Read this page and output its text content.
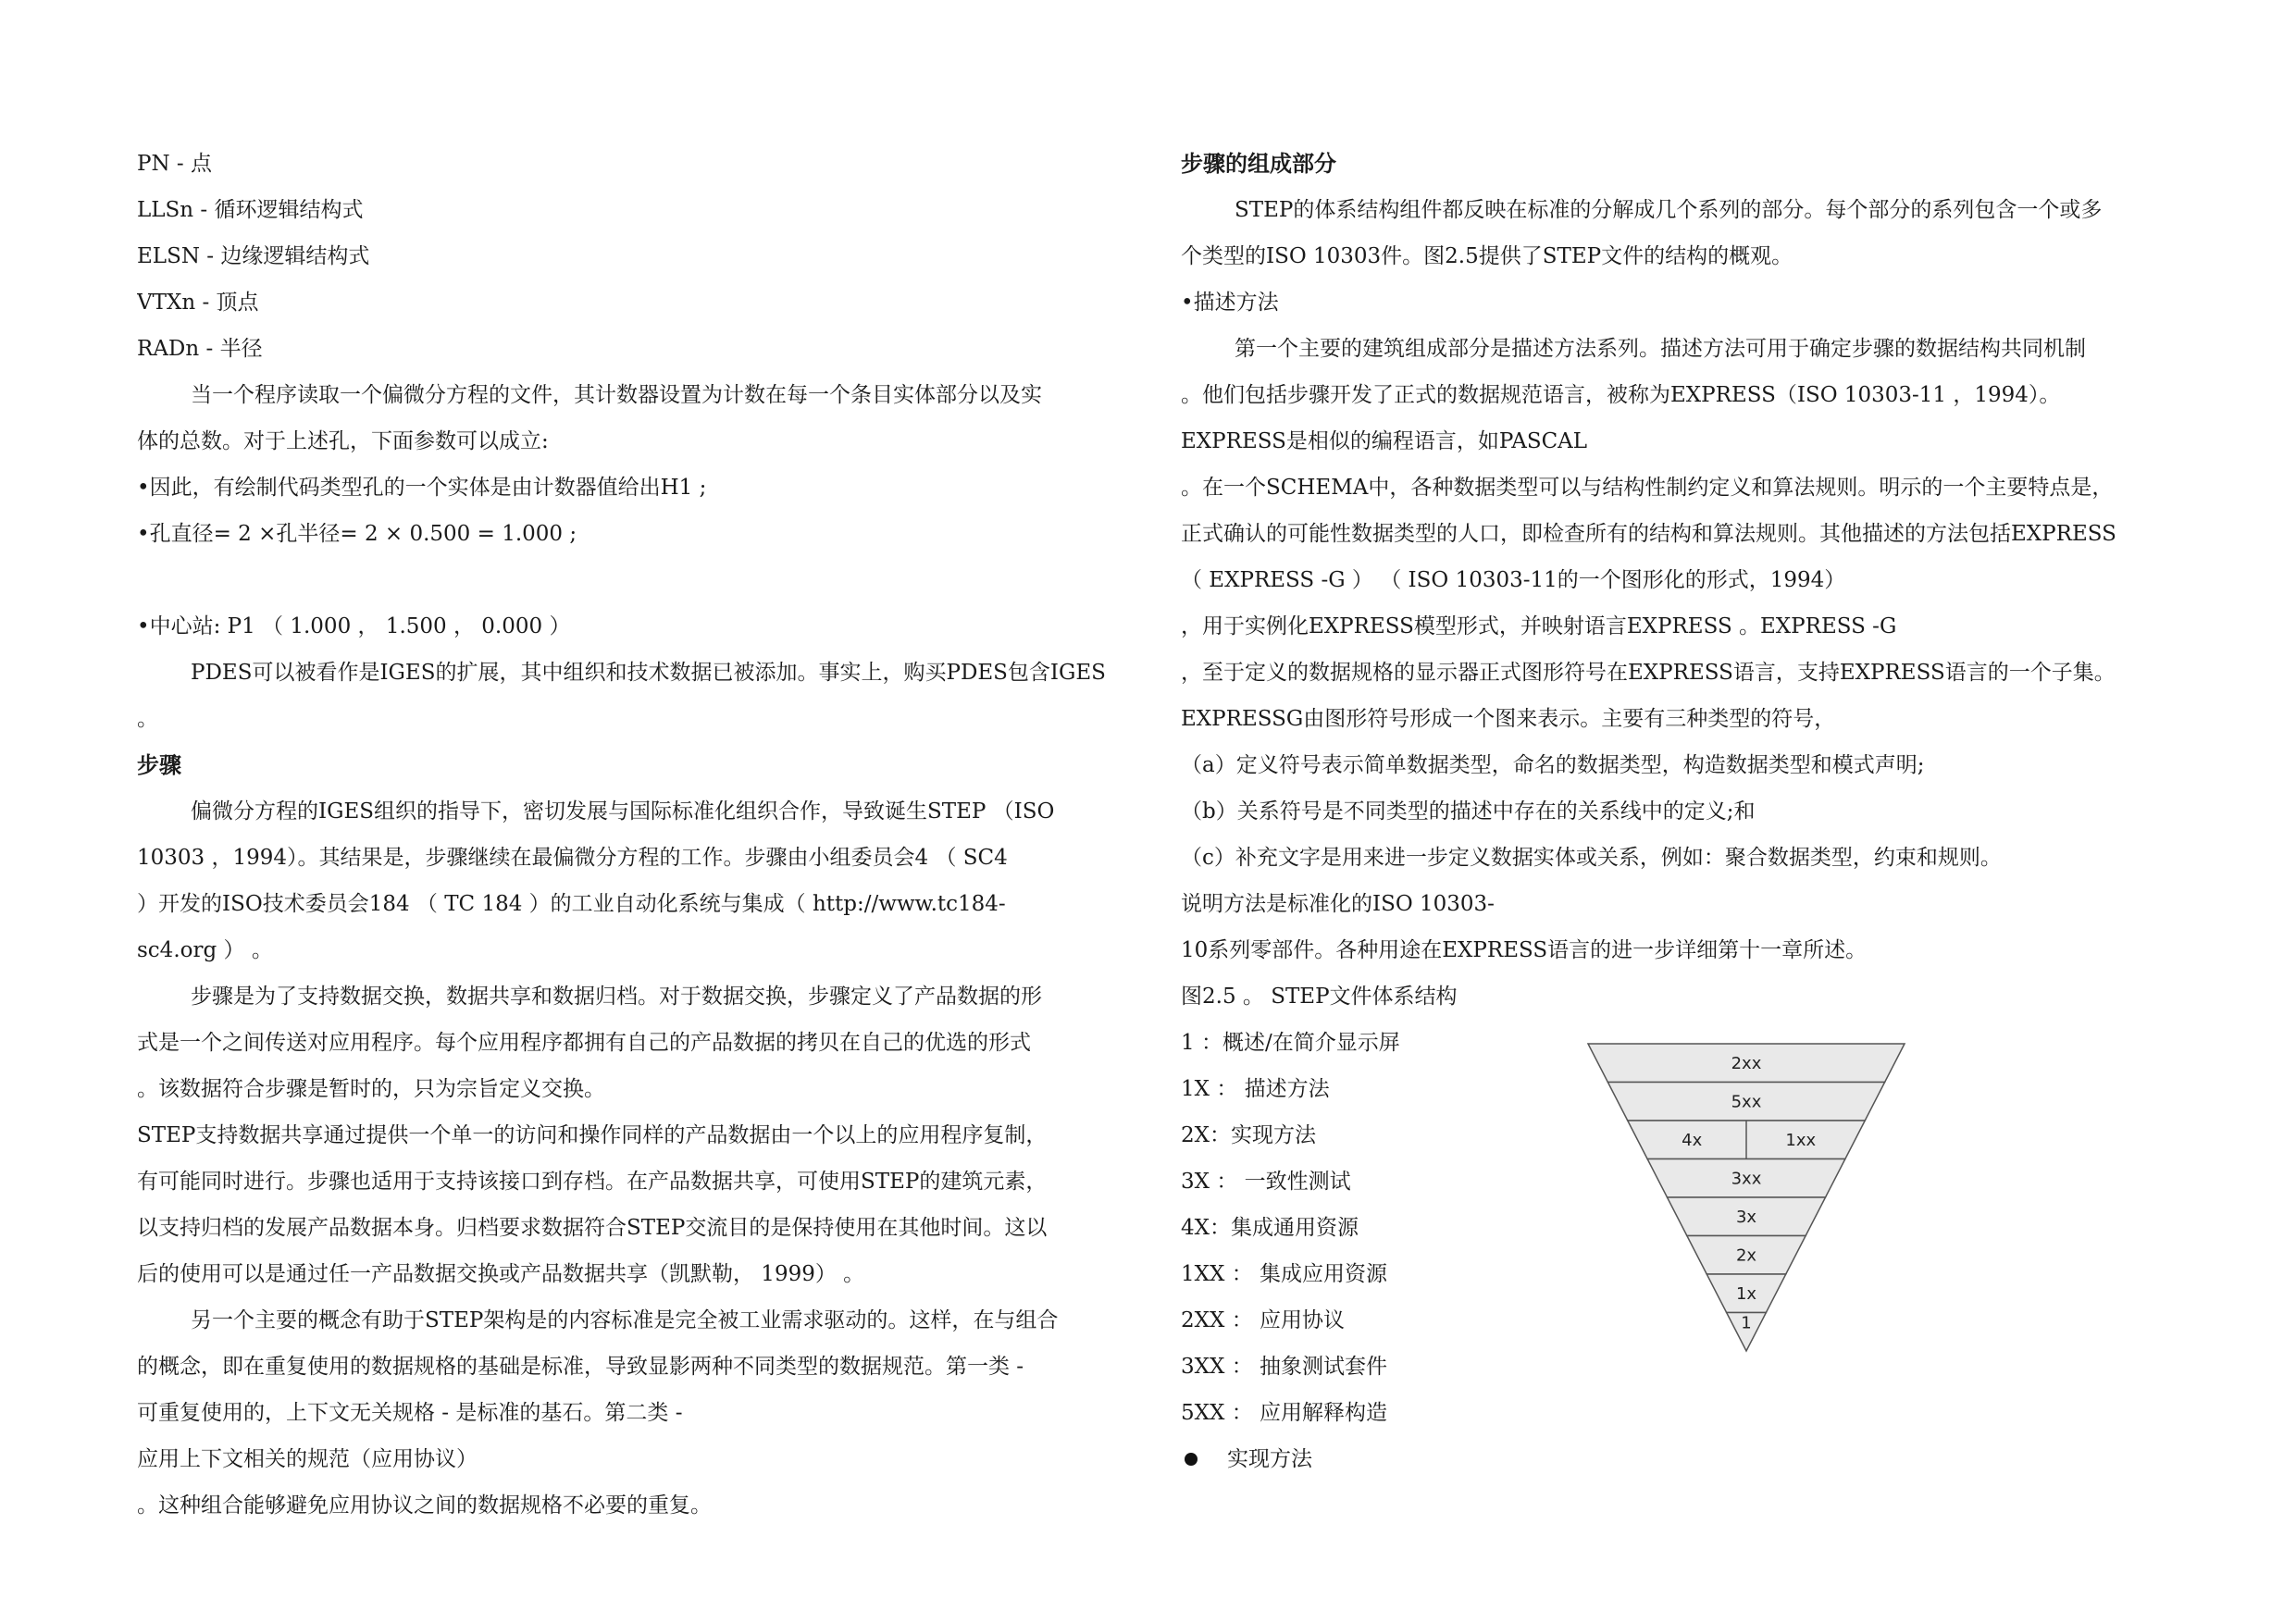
PN - 点
LLSn - 循环逻辑结构式
ELSN - 边缘逻辑结构式
VTXn - 顶点
RADn - 半径
当一个程序读取一个偏微分方程的文件，其计数器设置为计数在每一个条目实体部分以及实
体的总数。对于上述孔，下面参数可以成立:
•因此，有绘制代码类型孔的一个实体是由计数器值给出H1 ;
•孔直径= 2 ×孔半径= 2 × 0.500 = 1.000 ;
•中心站: P1 （ 1.000 ， 1.500 ， 0.000 ）
PDES可以被看作是IGES的扩展，其中组织和技术数据已被添加。事实上，购买PDES包含IGES
。
步骤
偏微分方程的IGES组织的指导下，密切发展与国际标准化组织合作，导致诞生STEP （ISO
10303 ，1994）。其结果是，步骤继续在最偏微分方程的工作。步骤由小组委员会4 （ SC4
）开发的ISO技术委员会184 （ TC 184 ）的工业自动化系统与集成（ http://www.tc184-
sc4.org ） 。
步骤是为了支持数据交换，数据共享和数据归档。对于数据交换，步骤定义了产品数据的形
式是一个之间传送对应用程序。每个应用程序都拥有自己的产品数据的拷贝在自己的优选的形式
。该数据符合步骤是暂时的，只为宗旨定义交换。
STEP支持数据共享通过提供一个单一的访问和操作同样的产品数据由一个以上的应用程序复制，
有可能同时进行。步骤也适用于支持该接口到存档。在产品数据共享，可使用STEP的建筑元素，
以支持归档的发展产品数据本身。归档要求数据符合STEP交流目的是保持使用在其他时间。这以
后的使用可以是通过任一产品数据交换或产品数据共享（凯默勒， 1999） 。
另一个主要的概念有助于STEP架构是的内容标准是完全被工业需求驱动的。这样，在与组合
的概念，即在重复使用的数据规格的基础是标准，导致显影两种不同类型的数据规范。第一类 -
可重复使用的，上下文无关规格 - 是标准的基石。第二类 -
应用上下文相关的规范（应用协议）
。这种组合能够避免应用协议之间的数据规格不必要的重复。
步骤的组成部分
STEP的体系结构组件都反映在标准的分解成几个系列的部分。每个部分的系列包含一个或多
个类型的ISO 10303件。图2.5提供了STEP文件的结构的概观。
•描述方法
第一个主要的建筑组成部分是描述方法系列。描述方法可用于确定步骤的数据结构共同机制
。他们包括步骤开发了正式的数据规范语言，被称为EXPRESS（ISO 10303-11 ，1994）。
EXPRESS是相似的编程语言，如PASCAL
。在一个SCHEMA中，各种数据类型可以与结构性制约定义和算法规则。明示的一个主要特点是，
正式确认的可能性数据类型的人口，即检查所有的结构和算法规则。其他描述的方法包括EXPRESS
（ EXPRESS -G ） （ ISO 10303-11的一个图形化的形式，1994）
，用于实例化EXPRESS模型形式，并映射语言EXPRESS 。EXPRESS -G
，至于定义的数据规格的显示器正式图形符号在EXPRESS语言，支持EXPRESS语言的一个子集。
EXPRESSG由图形符号形成一个图来表示。主要有三种类型的符号，
（a）定义符号表示简单数据类型，命名的数据类型，构造数据类型和模式声明;
（b）关系符号是不同类型的描述中存在的关系线中的定义;和
（c）补充文字是用来进一步定义数据实体或关系，例如：聚合数据类型，约束和规则。
说明方法是标准化的ISO 10303-
10系列零部件。各种用途在EXPRESS语言的进一步详细第十一章所述。
图2.5 。 STEP文件体系结构
1 ：概述/在简介显示屏
1X ： 描述方法
2X：实现方法
3X ： 一致性测试
4X：集成通用资源
1XX ： 集成应用资源
2XX ： 应用协议
3XX ： 抽象测试套件
5XX ： 应用解释构造
实现方法
2xx
5xx
4x	1xx
3xx
3x
2x
1x
1
